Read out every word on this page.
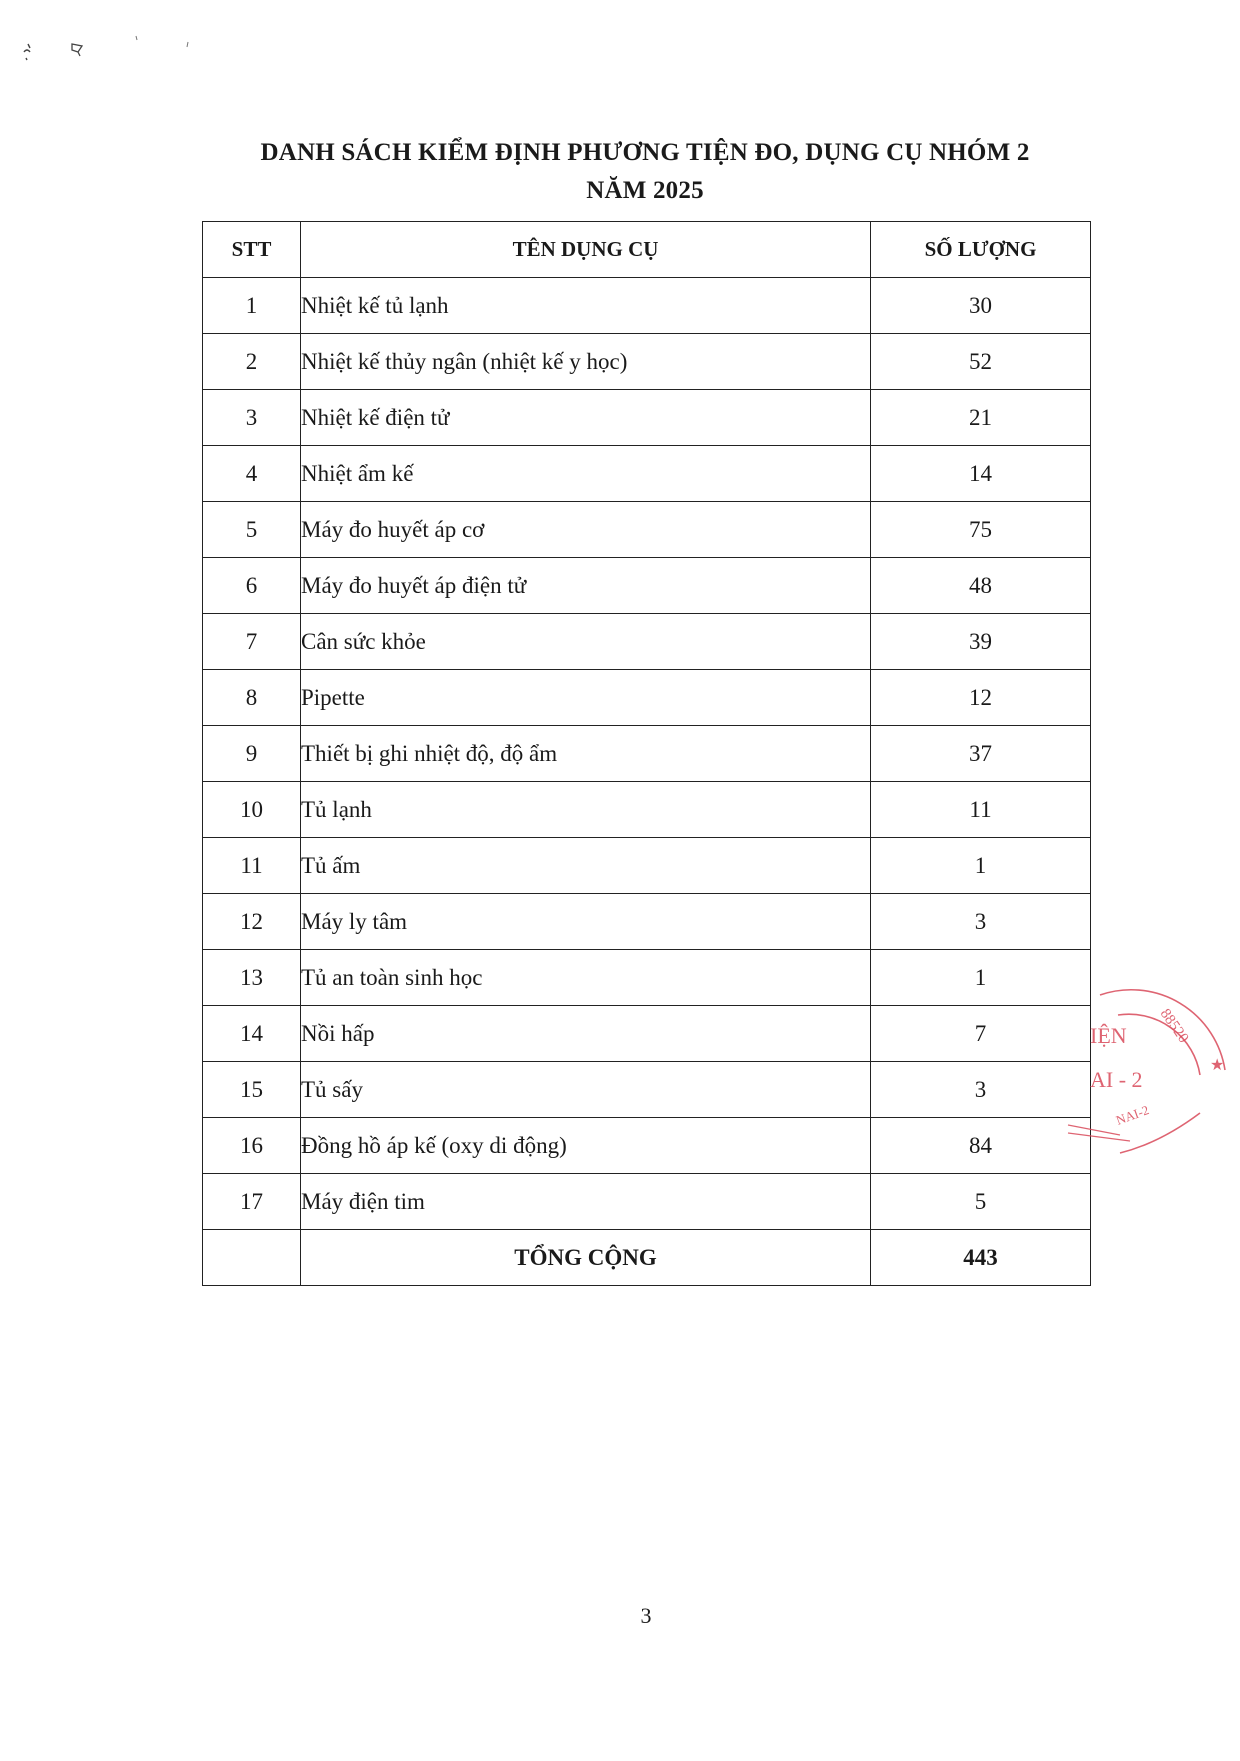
DANH SÁCH KIỂM ĐỊNH PHƯƠNG TIỆN ĐO, DỤNG CỤ NHÓM 2
NĂM 2025
STT	TÊN DỤNG CỤ	SỐ LƯỢNG
1	Nhiệt kế tủ lạnh	30
2	Nhiệt kế thủy ngân (nhiệt kế y học)	52
3	Nhiệt kế điện tử	21
4	Nhiệt ẩm kế	14
5	Máy đo huyết áp cơ	75
6	Máy đo huyết áp điện tử	48
7	Cân sức khỏe	39
8	Pipette	12
9	Thiết bị ghi nhiệt độ, độ ẩm	37
10	Tủ lạnh	11
11	Tủ ấm	1
12	Máy ly tâm	3
13	Tủ an toàn sinh học	1
14	Nồi hấp	7
15	Tủ sấy	3
16	Đồng hồ áp kế (oxy di động)	84
17	Máy điện tim	5
	TỔNG CỘNG	443
88520
★
IỆN
AI - 2
NAI-2
3
